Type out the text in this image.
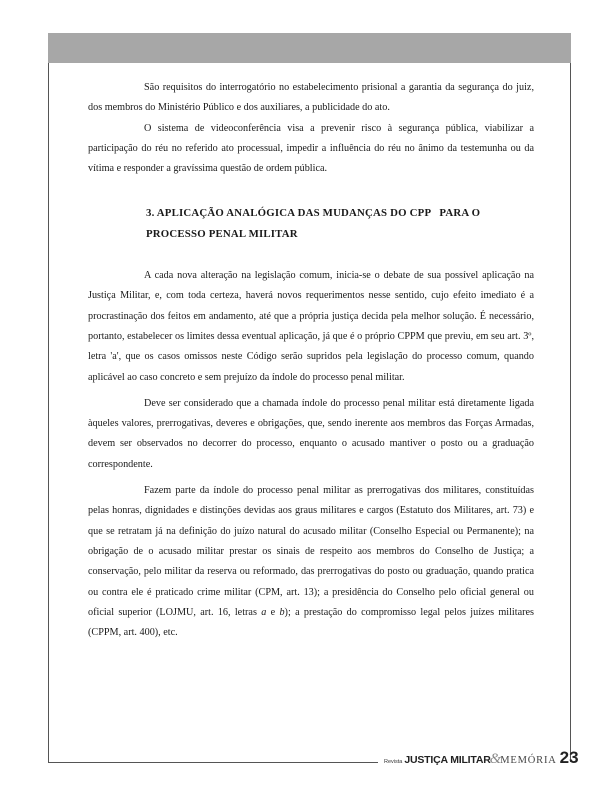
São requisitos do interrogatório no estabelecimento prisional a garantia da segurança do juiz, dos membros do Ministério Público e dos auxiliares, a publicidade do ato.

O sistema de videoconferência visa a prevenir risco à segurança pública, viabilizar a participação do réu no referido ato processual, impedir a influência do réu no ânimo da testemunha ou da vítima e responder a gravíssima questão de ordem pública.

3. APLICAÇÃO ANALÓGICA DAS MUDANÇAS DO CPP   PARA O
PROCESSO PENAL MILITAR

A cada nova alteração na legislação comum, inicia-se o debate de sua possível aplicação na Justiça Militar, e, com toda certeza, haverá novos requerimentos nesse sentido, cujo efeito imediato é a procrastinação dos feitos em andamento, até que a própria justiça decida pela melhor solução. É necessário, portanto, estabelecer os limites dessa eventual aplicação, já que é o próprio CPPM que previu, em seu art. 3º, letra 'a', que os casos omissos neste Código serão supridos pela legislação do processo comum, quando aplicável ao caso concreto e sem prejuízo da índole do processo penal militar.

Deve ser considerado que a chamada índole do processo penal militar está diretamente ligada àqueles valores, prerrogativas, deveres e obrigações, que, sendo inerente aos membros das Forças Armadas, devem ser observados no decorrer do processo, enquanto o acusado mantiver o posto ou a graduação correspondente.

Fazem parte da índole do processo penal militar as prerrogativas dos militares, constituídas pelas honras, dignidades e distinções devidas aos graus militares e cargos (Estatuto dos Militares, art. 73) e que se retratam já na definição do juízo natural do acusado militar (Conselho Especial ou Permanente); na obrigação de o acusado militar prestar os sinais de respeito aos membros do Conselho de Justiça; a conservação, pelo militar da reserva ou reformado, das prerrogativas do posto ou graduação, quando pratica ou contra ele é praticado crime militar (CPM, art. 13); a presidência do Conselho pelo oficial general ou oficial superior (LOJMU, art. 16, letras a e b); a prestação do compromisso legal pelos juízes militares (CPPM, art. 400), etc.

Revista JUSTIÇA MILITAR & MEMÓRIA 23
